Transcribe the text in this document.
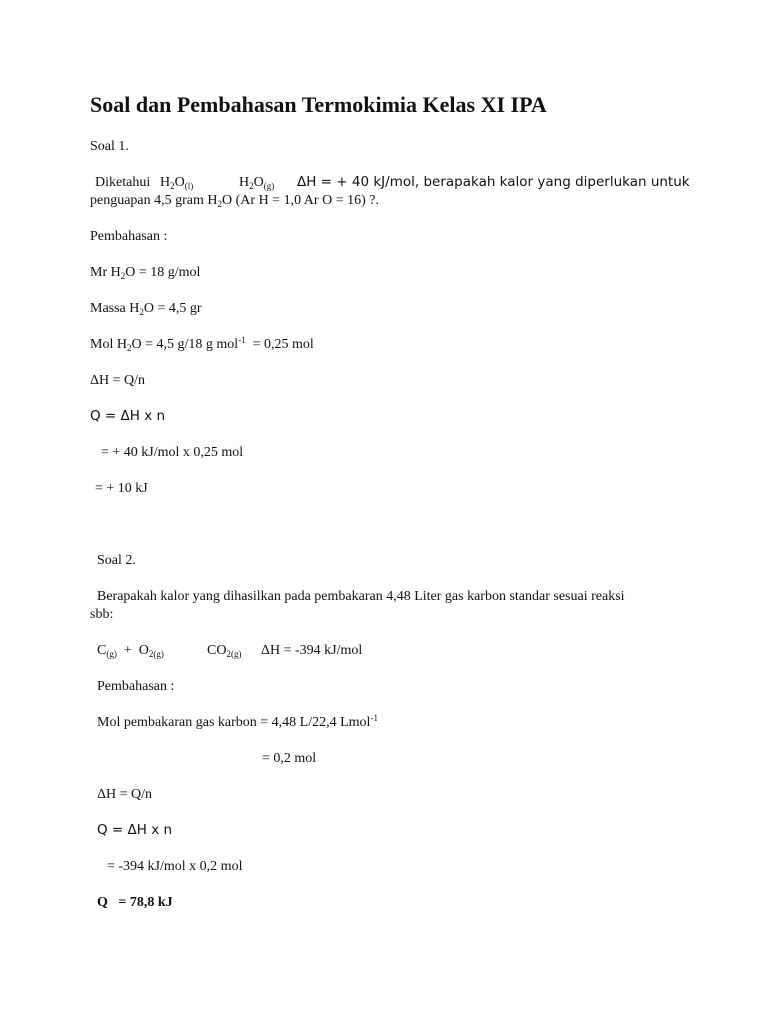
Soal dan Pembahasan Termokimia Kelas XI IPA
Soal 1.
Diketahui $H_2O_{(l)}$	$H_2O_{(g)}$ ΔH = + 40 kJ/mol, berapakah kalor yang diperlukan untuk
penguapan 4,5 gram $H_2O$ (Ar H = 1,0 Ar O = 16) ?.
Pembahasan :
Mr $H_2O = 18$ g/mol
Massa $H_2O = 4,5$ gr
Mol $H_2O = 4,5$ g/18 g mol$^{-1}$  = 0,25 mol
ΔH = Q/n
Q = ΔH x n
= + 40 kJ/mol x 0,25 mol
= + 10 kJ
Soal 2.
Berapakah kalor yang dihasilkan pada pembakaran 4,48 Liter gas karbon standar sesuai reaksi
sbb:
$C_{(g)} + O_{2(g)}$	$CO_{2(g)}$ ΔH = -394 kJ/mol
Pembahasan :
Mol pembakaran gas karbon = 4,48 L/22,4 Lmol$^{-1}$
= 0,2 mol
ΔH = Q/n
Q = ΔH x n
= -394 kJ/mol x 0,2 mol
Q   = 78,8 kJ
